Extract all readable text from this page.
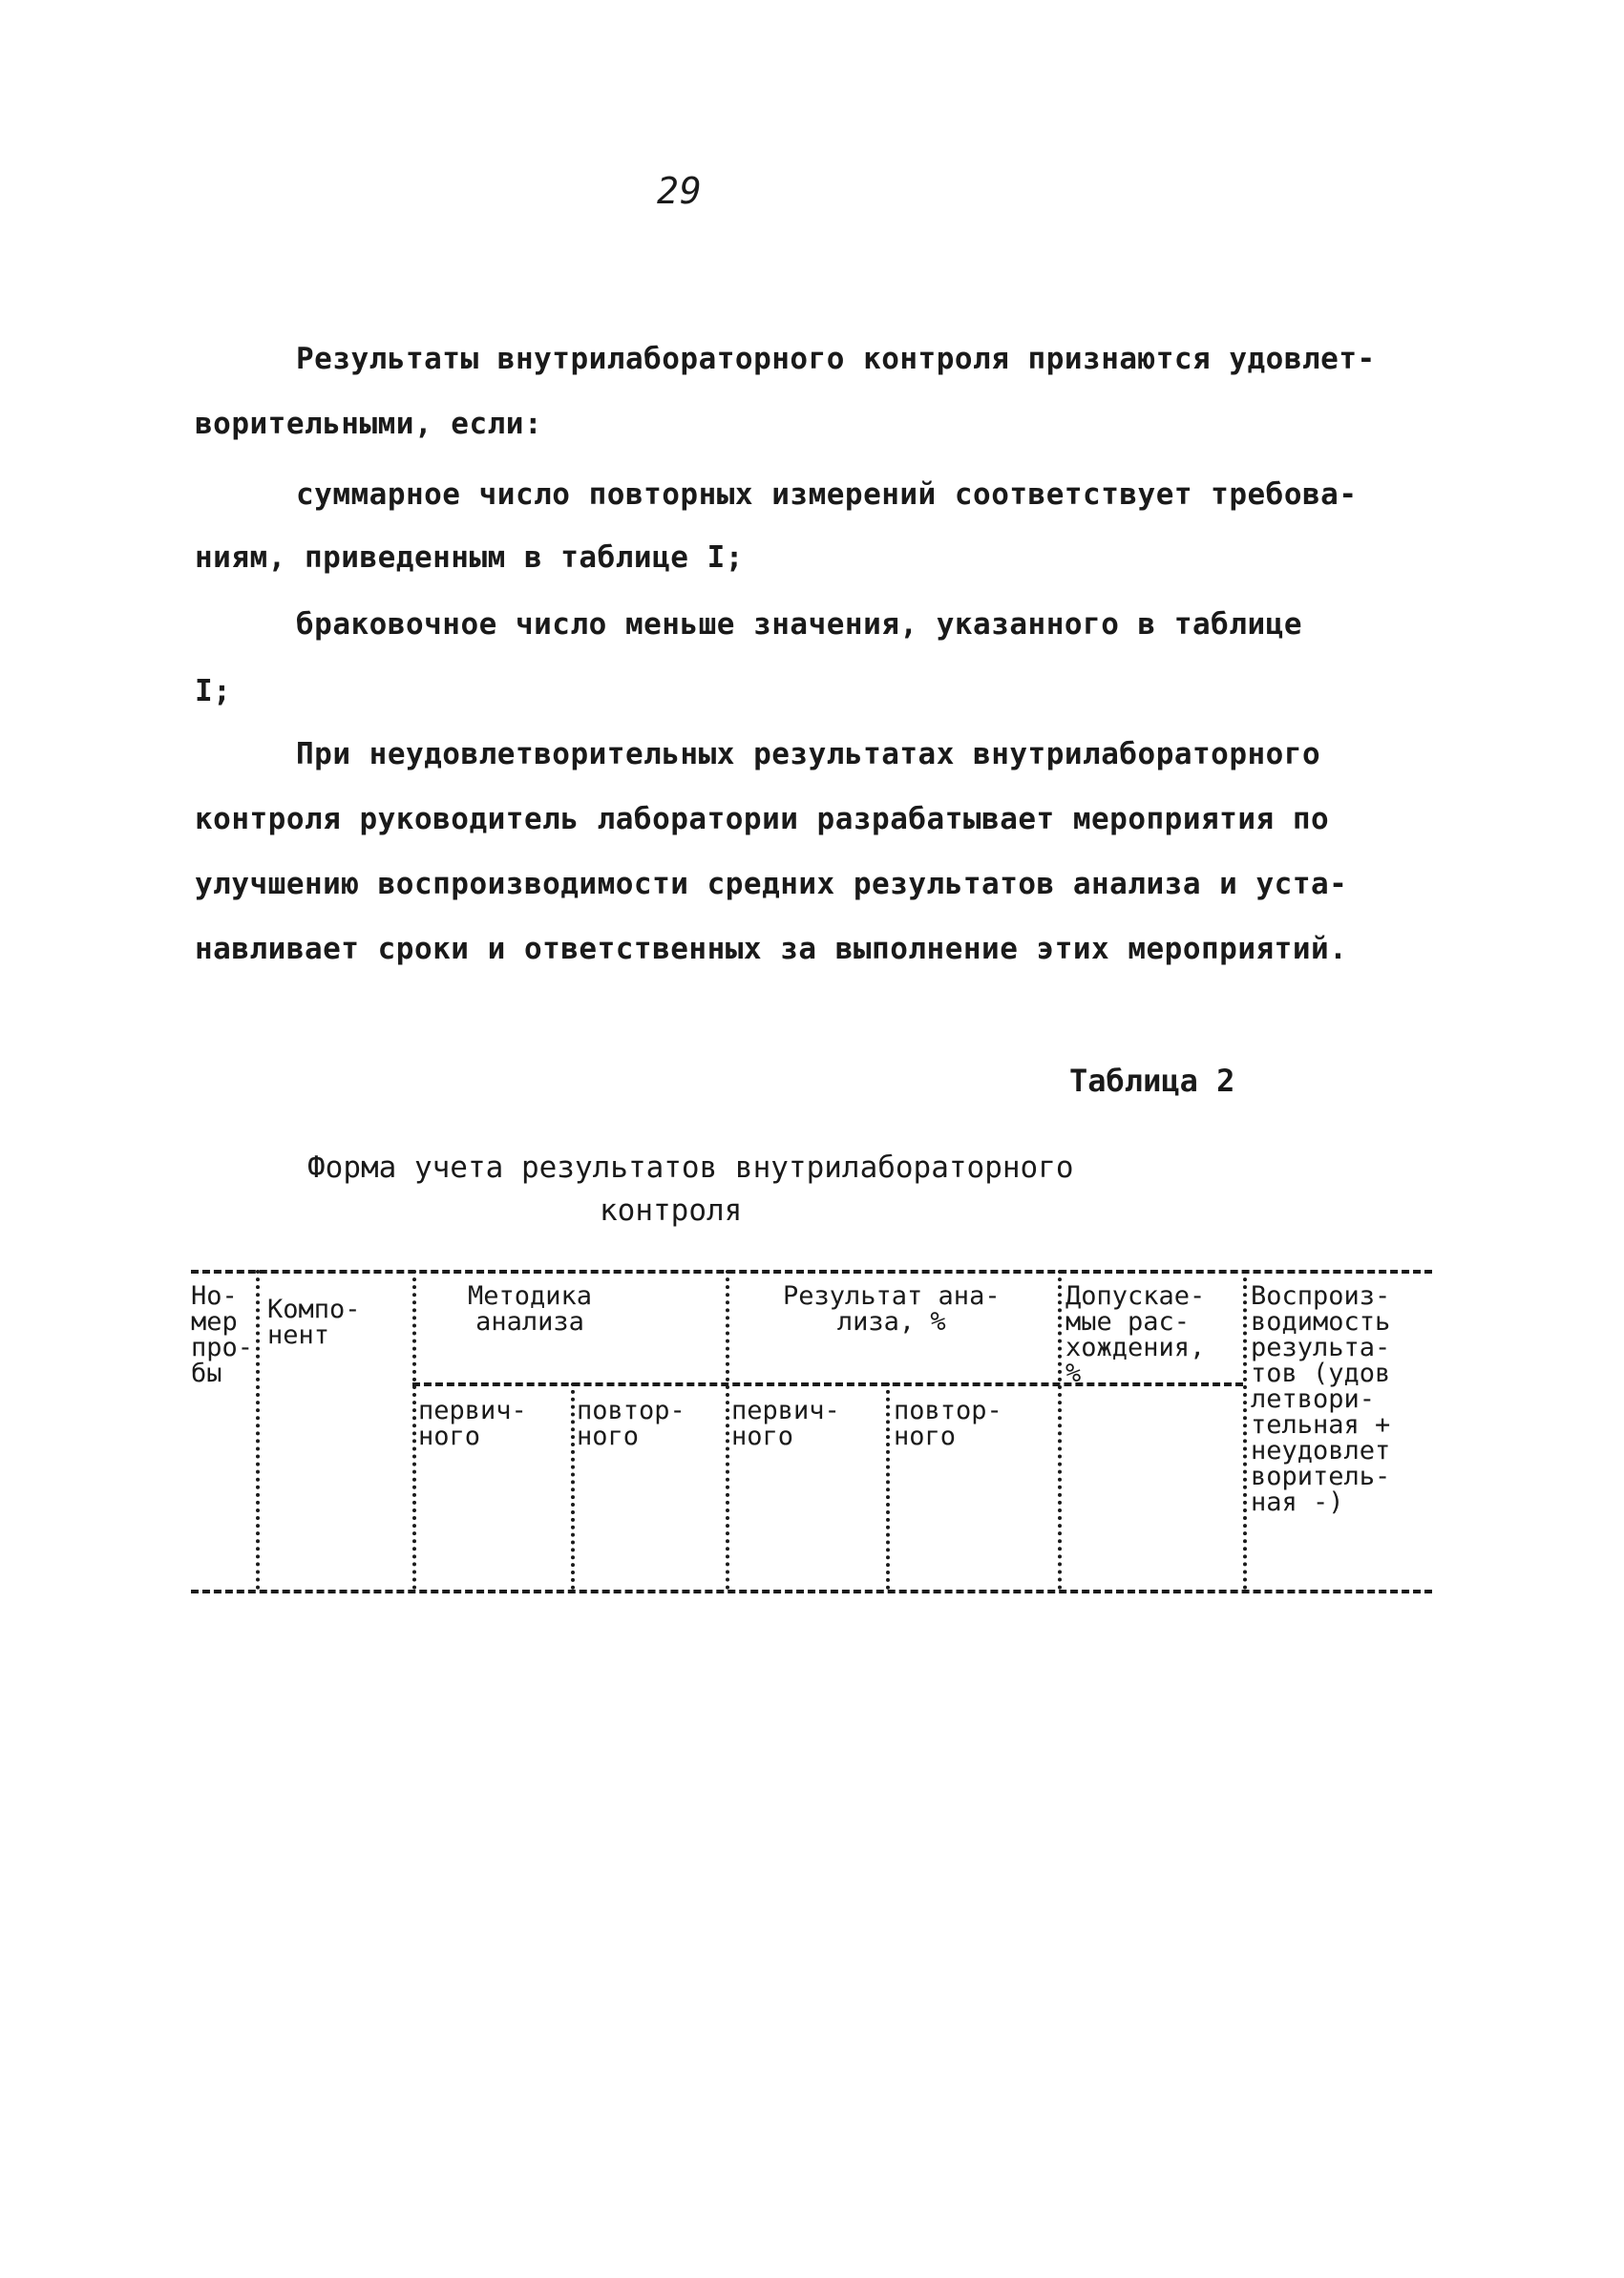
29
Результаты внутрилабораторного контроля признаются удовлет-
ворительными, если:
суммарное число повторных измерений соответствует требова-
ниям, приведенным в таблице I;
браковочное число меньше значения, указанного в таблице
I;
При неудовлетворительных результатах внутрилабораторного
контроля руководитель лаборатории разрабатывает мероприятия по
улучшению воспроизводимости средних результатов анализа и уста-
навливает сроки и ответственных за выполнение этих мероприятий.
Таблица 2
Форма учета результатов внутрилабораторного
контроля
Но-
мер
про-
бы
Компо-
нент
Методика
анализа
первич-
ного
повтор-
ного
Результат ана-
лиза, %
первич-
ного
повтор-
ного
Допускае-
мые рас-
хождения,
%
Воспроиз-
водимость
результа-
тов (удов
летвори-
тельная +
неудовлет
воритель-
ная -)
